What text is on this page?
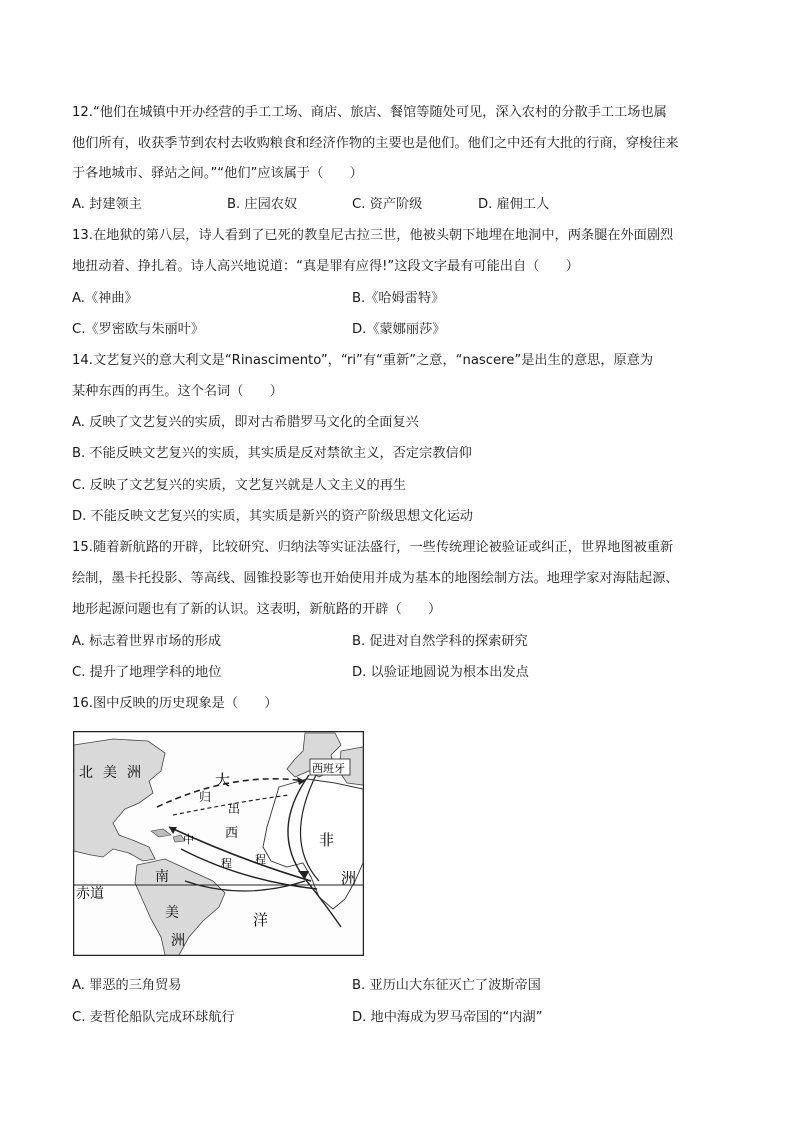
12.“他们在城镇中开办经营的手工工场、商店、旅店、餐馆等随处可见，深入农村的分散手工工场也属
他们所有，收获季节到农村去收购粮食和经济作物的主要也是他们。他们之中还有大批的行商，穿梭往来
于各地城市、驿站之间。”“他们”应该属于（　　）
A. 封建领主	B. 庄园农奴	C. 资产阶级	D. 雇佣工人
13.在地狱的第八层，诗人看到了已死的教皇尼古拉三世，他被头朝下地埋在地洞中，两条腿在外面剧烈
地扭动着、挣扎着。诗人高兴地说道：“真是罪有应得!”这段文字最有可能出自（　　）
A.《神曲》	B.《哈姆雷特》
C.《罗密欧与朱丽叶》	D.《蒙娜丽莎》
14.文艺复兴的意大利文是“Rinascimento”，“ri”有“重新”之意，“nascere”是出生的意思，原意为
某种东西的再生。这个名词（　　）
A. 反映了文艺复兴的实质，即对古希腊罗马文化的全面复兴
B. 不能反映文艺复兴的实质，其实质是反对禁欲主义，否定宗教信仰
C. 反映了文艺复兴的实质，文艺复兴就是人文主义的再生
D. 不能反映文艺复兴的实质，其实质是新兴的资产阶级思想文化运动
15.随着新航路的开辟，比较研究、归纳法等实证法盛行，一些传统理论被验证或纠正，世界地图被重新
绘制，墨卡托投影、等高线、圆锥投影等也开始使用并成为基本的地图绘制方法。地理学家对海陆起源、
地形起源问题也有了新的认识。这表明，新航路的开辟（　　）
A. 标志着世界市场的形成	B. 促进对自然学科的探索研究
C. 提升了地理学科的地位	D. 以验证地圆说为根本出发点
16.图中反映的历史现象是（　　）
北 美 洲	大
归
出
西班牙
中 西
程 程
非
洲
赤道
南
美
洲
洋
A. 罪恶的三角贸易	B. 亚历山大东征灭亡了波斯帝国
C. 麦哲伦船队完成环球航行	D. 地中海成为罗马帝国的“内湖”
